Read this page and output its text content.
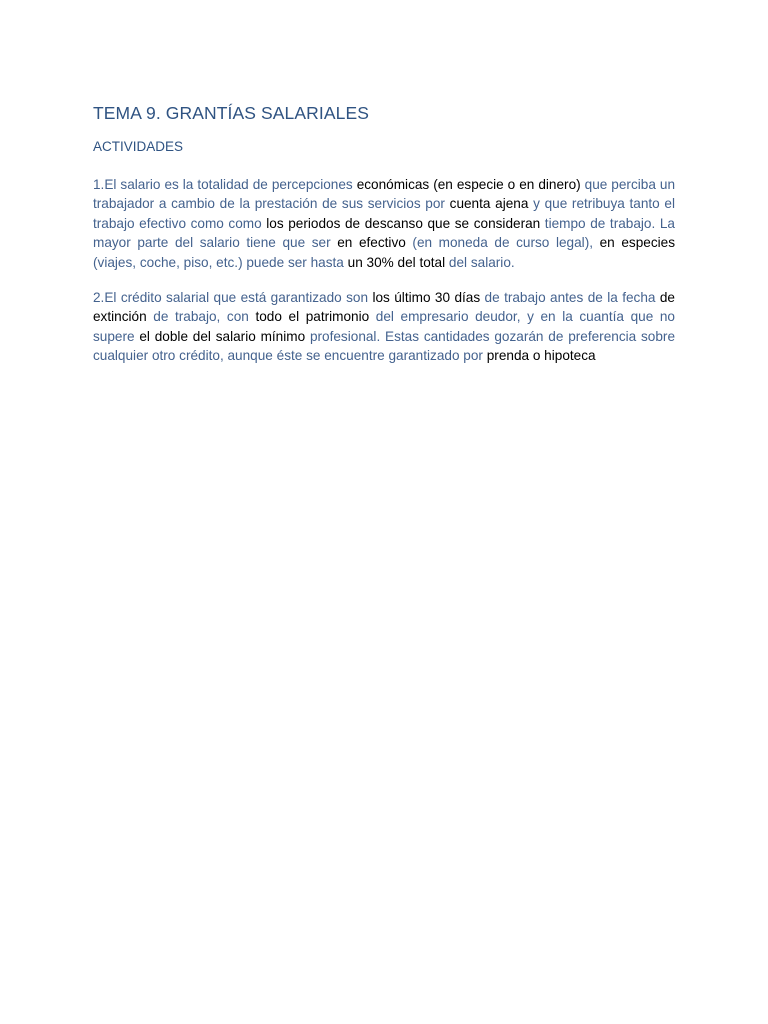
TEMA 9. GRANTÍAS SALARIALES
ACTIVIDADES

1.El salario es la totalidad de percepciones económicas (en especie o en dinero) que perciba un trabajador a cambio de la prestación de sus servicios por cuenta ajena y que retribuya tanto el trabajo efectivo como como los periodos de descanso que se consideran tiempo de trabajo. La mayor parte del salario tiene que ser en efectivo (en moneda de curso legal), en especies (viajes, coche, piso, etc.) puede ser hasta un 30% del total del salario.

2.El crédito salarial que está garantizado son los último 30 días de trabajo antes de la fecha de extinción de trabajo, con todo el patrimonio del empresario deudor, y en la cuantía que no supere el doble del salario mínimo profesional. Estas cantidades gozarán de preferencia sobre cualquier otro crédito, aunque éste se encuentre garantizado por prenda o hipoteca
